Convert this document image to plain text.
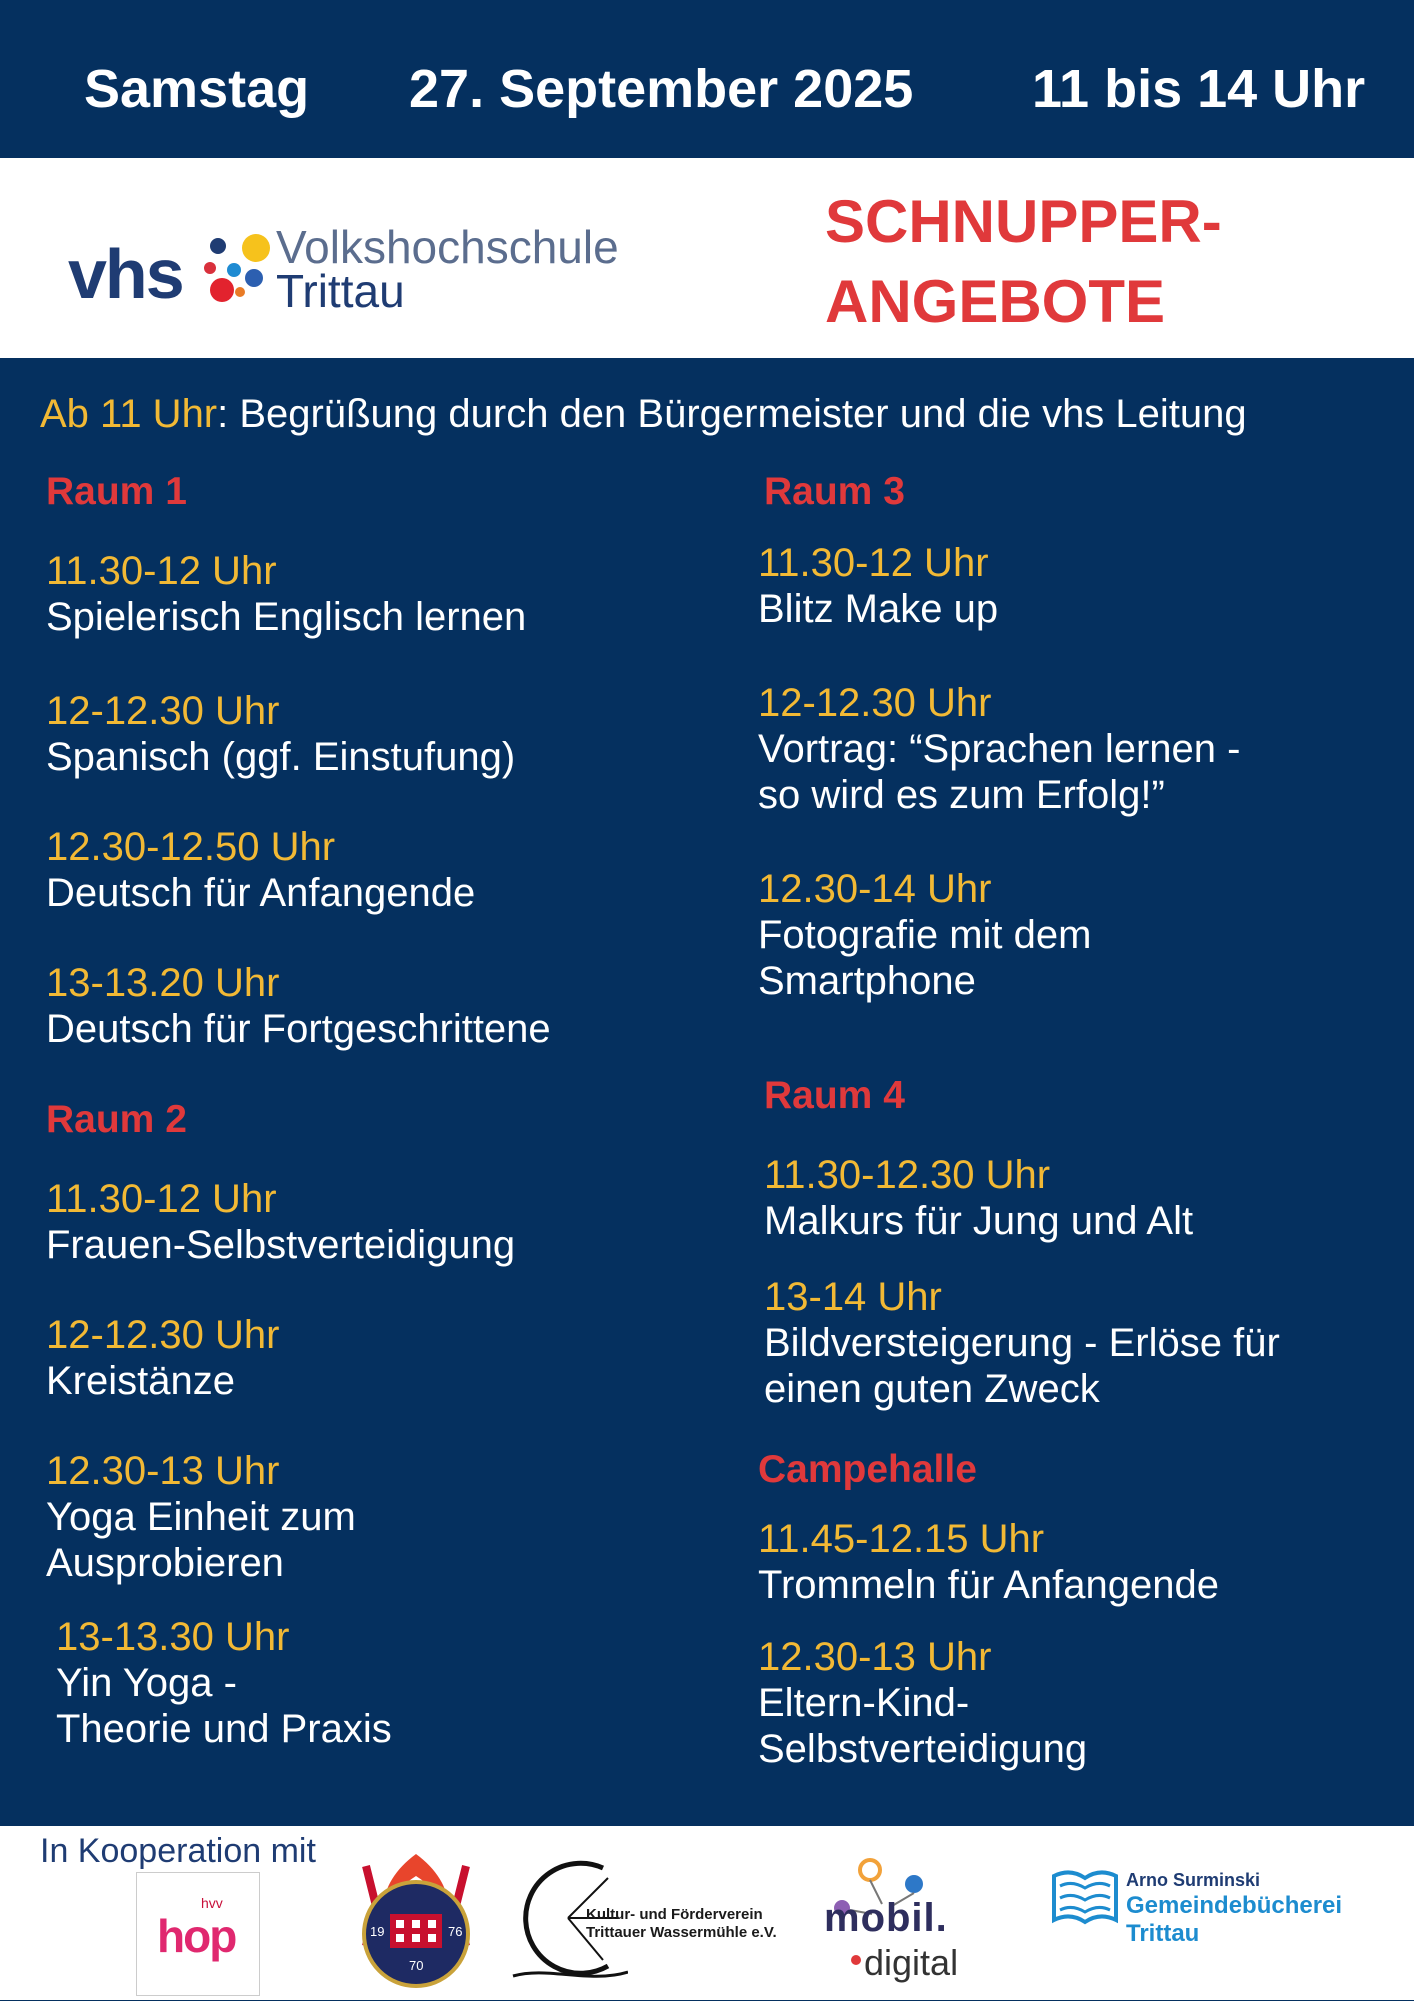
Samstag 27. September 2025 11 bis 14 Uhr
vhs Volkshochschule
Trittau
SCHNUPPER-
ANGEBOTE
Ab 11 Uhr: Begrüßung durch den Bürgermeister und die vhs Leitung
Raum 1
11.30-12 Uhr
Spielerisch Englisch lernen
12-12.30 Uhr
Spanisch (ggf. Einstufung)
12.30-12.50 Uhr
Deutsch für Anfangende
13-13.20 Uhr
Deutsch für Fortgeschrittene
Raum 2
11.30-12 Uhr
Frauen-Selbstverteidigung
12-12.30 Uhr
Kreistänze
12.30-13 Uhr
Yoga Einheit zum
Ausprobieren
13-13.30 Uhr
Yin Yoga -
Theorie und Praxis
Raum 3
11.30-12 Uhr
Blitz Make up
12-12.30 Uhr
Vortrag: “Sprachen lernen -
so wird es zum Erfolg!”
12.30-14 Uhr
Fotografie mit dem
Smartphone
Raum 4
11.30-12.30 Uhr
Malkurs für Jung und Alt
13-14 Uhr
Bildversteigerung - Erlöse für
einen guten Zweck
Campehalle
11.45-12.15 Uhr
Trommeln für Anfangende
12.30-13 Uhr
Eltern-Kind-
Selbstverteidigung
In Kooperation mit
hvv
hop	19	76
70
Kultur- und Förderverein
Trittauer Wassermühle e.V. mobil.
digital
Arno Surminski
Gemeindebücherei
Trittau
